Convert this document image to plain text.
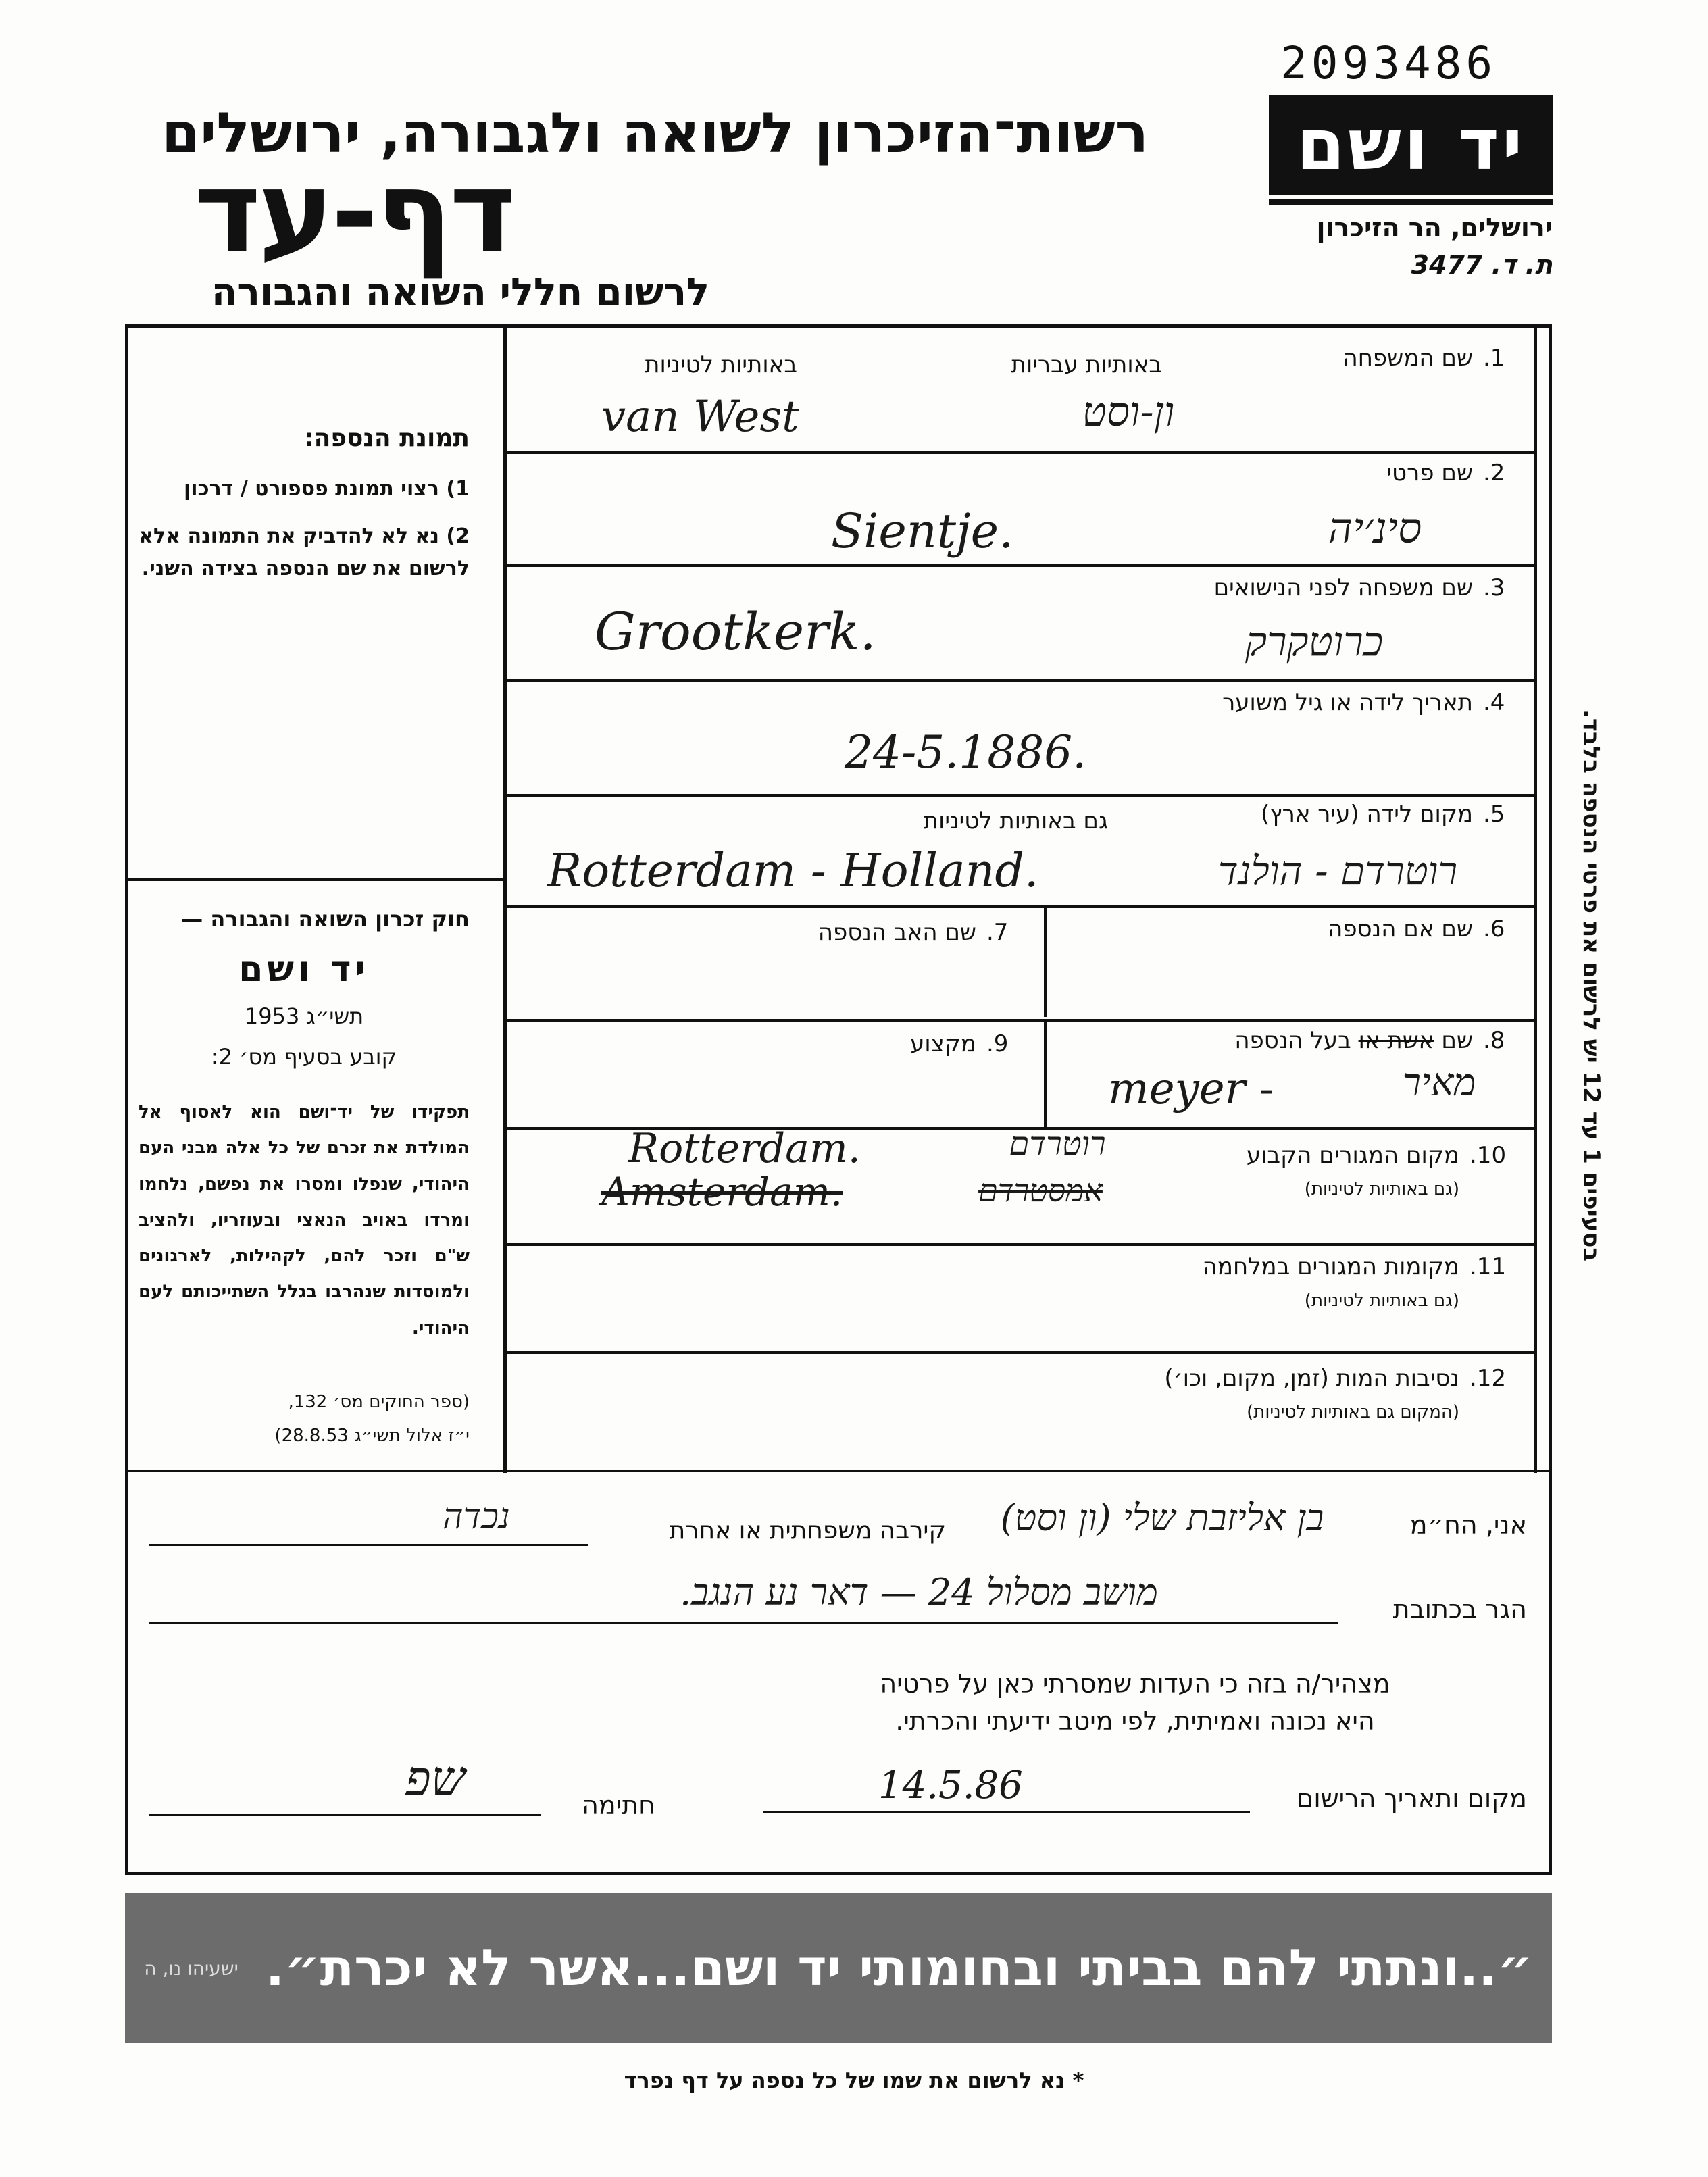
2093486
יד ושם
ירושלים, הר הזיכרון
ת. ד. 3477
רשות־הזיכרון לשואה ולגבורה, ירושלים
דף-עד
לרשום חללי השואה והגבורה
תמונת הנספה:
1) רצוי תמונת פספורט / דרכון
2) נא לא להדביק את התמונה אלא לרשום את שם הנספה בצידה השני.
חוק זכרון השואה והגבורה —
יד ושם
תשי״ג 1953
קובע בסעיף מס׳ 2:
תפקידו של יד־ושם הוא לאסוף אל המולדת את זכרם של כל אלה מבני העם היהודי, שנפלו ומסרו את נפשם, נלחמו ומרדו באויב הנאצי ובעוזריו, ולהציב ש"ם וזכר להם, לקהילות, לארגונים ולמוסדות שנהרבו בגלל השתייכותם לעם היהודי.
(ספר החוקים מס׳ 132,
י״ז אלול תשי״ג 28.8.53)
.1
שם המשפחה
באותיות עבריות
באותיות לטיניות
van West	ון-וסט
.2
שם פרטי
Sientje.	סינ׳יה
.3
שם משפחה לפני הנישואים
Grootkerk.	כרוטקרק
.4
תאריך לידה או גיל משוער
24-5.1886.
.5
מקום לידה (עיר ארץ)
גם באותיות לטיניות
Rotterdam - Holland.	רוטרדם - הולנד
.6
שם אם הנספה
.7
שם האב הנספה
.8
שם אשת או בעל הנספה
meyer -	מאיר
.9
מקצוע
.10
מקום המגורים הקבוע
(גם באותיות לטיניות)
Rotterdam.	רוטרדם
Amsterdam.	אמסטרדם
.11
מקומות המגורים במלחמה
(גם באותיות לטיניות)
.12
נסיבות המות (זמן, מקום, וכו׳)
(המקום גם באותיות לטיניות)
אני, הח״מ
בן אליזבת שלי (ון וסט)
קירבה משפחתית או אחרת
נכדה
הגר בכתובת
מושב מסלול 24 — דאר נע הנגב.
מצהיר/ה בזה כי העדות שמסרתי כאן על פרטיה
היא נכונה ואמיתית, לפי מיטב ידיעתי והכרתי.
מקום ותאריך הרישום
14.5.86
חתימה
שפ
״..ונתתי להם בביתי ובחומותי יד ושם...אשר לא יכרת״.
ישעיהו נו, ה
* נא לרשום את שמו של כל נספה על דף נפרד
בסעיפים 1 עד 12 יש לרשום את פרטי הנספה בלבד.
